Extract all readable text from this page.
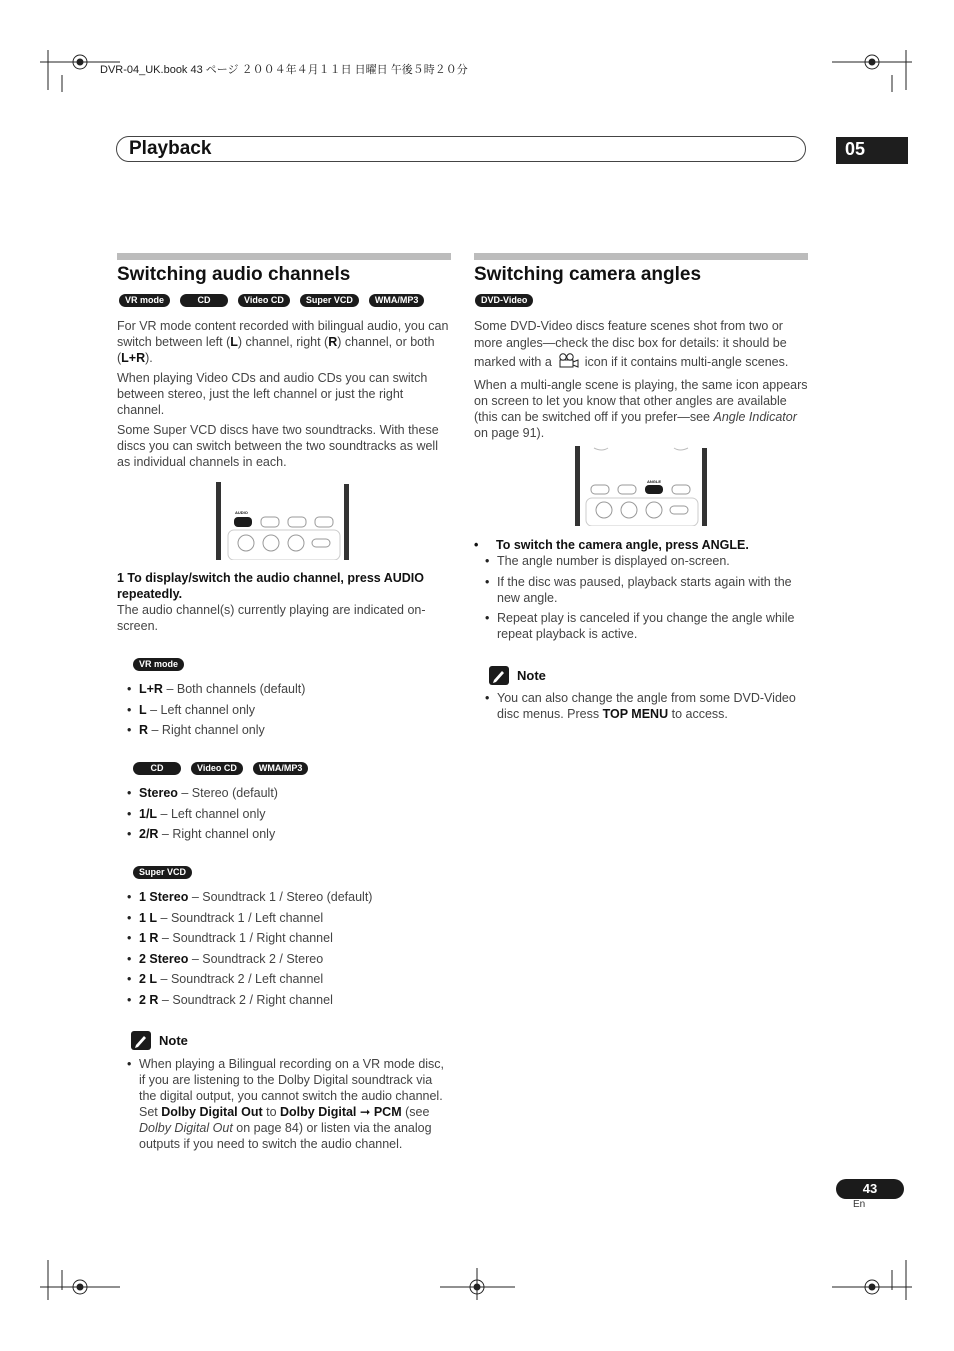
DVR-04_UK.book 43 ページ ２００４年４月１１日 日曜日 午後５時２０分
Playback	05
Switching audio channels
VR mode	CD	Video CD	Super VCD	WMA/MP3

For VR mode content recorded with bilingual audio, you can switch between left (L) channel, right (R) channel, or both (L+R).

When playing Video CDs and audio CDs you can switch between stereo, just the left channel or just the right channel.

Some Super VCD discs have two soundtracks. With these discs you can switch between the two soundtracks as well as individual channels in each.

AUDIO
1 To display/switch the audio channel, press AUDIO repeatedly.
The audio channel(s) currently playing are indicated on-screen.
VR mode
• L+R – Both channels (default)
• L – Left channel only
• R – Right channel only
CD	Video CD	WMA/MP3
• Stereo – Stereo (default)
• 1/L – Left channel only
• 2/R – Right channel only
Super VCD
• 1 Stereo – Soundtrack 1 / Stereo (default)
• 1 L – Soundtrack 1 / Left channel
• 1 R – Soundtrack 1 / Right channel
• 2 Stereo – Soundtrack 2 / Stereo
• 2 L – Soundtrack 2 / Left channel
• 2 R – Soundtrack 2 / Right channel
Note
• When playing a Bilingual recording on a VR mode disc, if you are listening to the Dolby Digital soundtrack via the digital output, you cannot switch the audio channel. Set Dolby Digital Out to Dolby Digital ➞ PCM (see Dolby Digital Out on page 84) or listen via the analog outputs if you need to switch the audio channel.
Switching camera angles
DVD-Video

Some DVD-Video discs feature scenes shot from two or more angles—check the disc box for details: it should be marked with a  icon if it contains multi-angle scenes.

When a multi-angle scene is playing, the same icon appears on screen to let you know that other angles are available (this can be switched off if you prefer—see Angle Indicator on page 91).

ANGLE
• To switch the camera angle, press ANGLE.
• The angle number is displayed on-screen.
• If the disc was paused, playback starts again with the new angle.
• Repeat play is canceled if you change the angle while repeat playback is active.
Note
• You can also change the angle from some DVD-Video disc menus. Press TOP MENU to access.
43
En
